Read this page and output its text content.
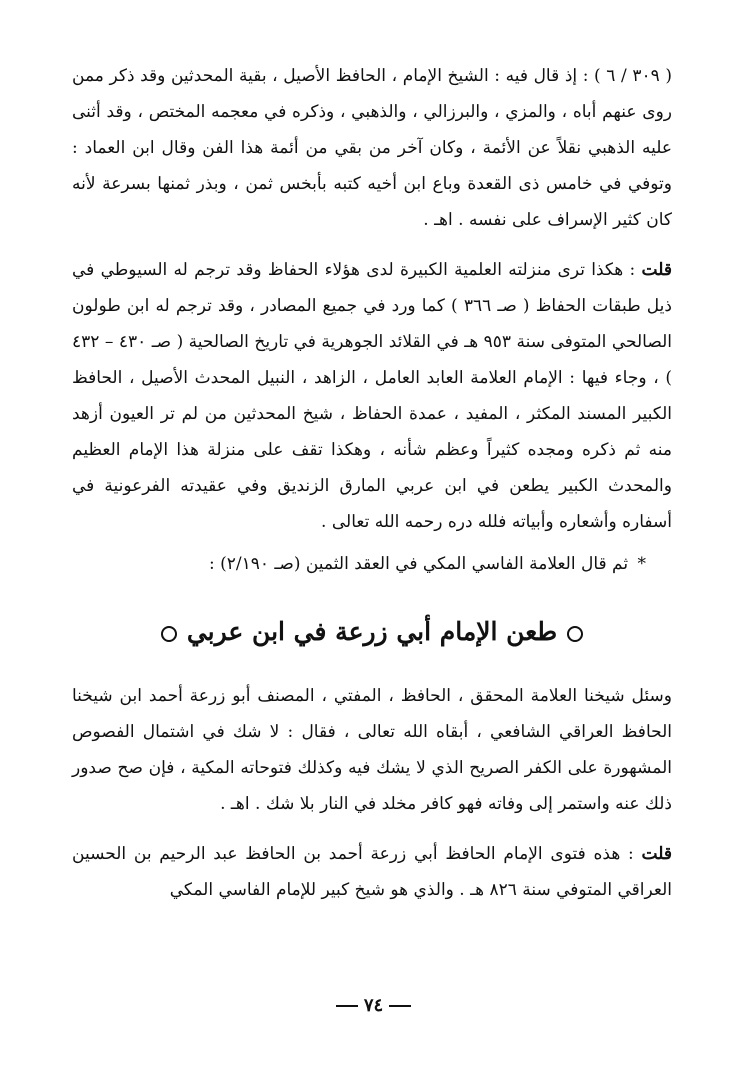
( ٣٠٩ / ٦ ) : إذ قال فيه : الشيخ الإمام ، الحافظ الأصيل ، بقية المحدثين وقد ذكر ممن روى عنهم أباه ، والمزي ، والبرزالي ، والذهبي ، وذكره في معجمه المختص ، وقد أثنى عليه الذهبي نقلاً عن الأئمة ، وكان آخر من بقي من أئمة هذا الفن وقال ابن العماد : وتوفي في خامس ذى القعدة وباع ابن أخيه كتبه بأبخس ثمن ، وبذر ثمنها بسرعة لأنه كان كثير الإسراف على نفسه . اهـ .

قلت : هكذا ترى منزلته العلمية الكبيرة لدى هؤلاء الحفاظ وقد ترجم له السيوطي في ذيل طبقات الحفاظ ( صـ ٣٦٦ ) كما ورد في جميع المصادر ، وقد ترجم له ابن طولون الصالحي المتوفى سنة ٩٥٣ هـ في القلائد الجوهرية في تاريخ الصالحية ( صـ ٤٣٠ – ٤٣٢ ) ، وجاء فيها : الإمام العلامة العابد العامل ، الزاهد ، النبيل المحدث الأصيل ، الحافظ الكبير المسند المكثر ، المفيد ، عمدة الحفاظ ، شيخ المحدثين من لم تر العيون أزهد منه ثم ذكره ومجده كثيراً وعظم شأنه ، وهكذا تقف على منزلة هذا الإمام العظيم والمحدث الكبير يطعن في ابن عربي المارق الزنديق وفي عقيدته الفرعونية في أسفاره وأشعاره وأبياته فلله دره رحمه الله تعالى .

* ثم قال العلامة الفاسي المكي في العقد الثمين (صـ ٢/١٩٠) :

طعن الإمام أبي زرعة في ابن عربي

وسئل شيخنا العلامة المحقق ، الحافظ ، المفتي ، المصنف أبو زرعة أحمد ابن شيخنا الحافظ العراقي الشافعي ، أبقاه الله تعالى ، فقال : لا شك في اشتمال الفصوص المشهورة على الكفر الصريح الذي لا يشك فيه وكذلك فتوحاته المكية ، فإن صح صدور ذلك عنه واستمر إلى وفاته فهو كافر مخلد في النار بلا شك . اهـ .

قلت : هذه فتوى الإمام الحافظ أبي زرعة أحمد بن الحافظ عبد الرحيم بن الحسين العراقي المتوفي سنة ٨٢٦ هـ . والذي هو شيخ كبير للإمام الفاسي المكي

٧٤
